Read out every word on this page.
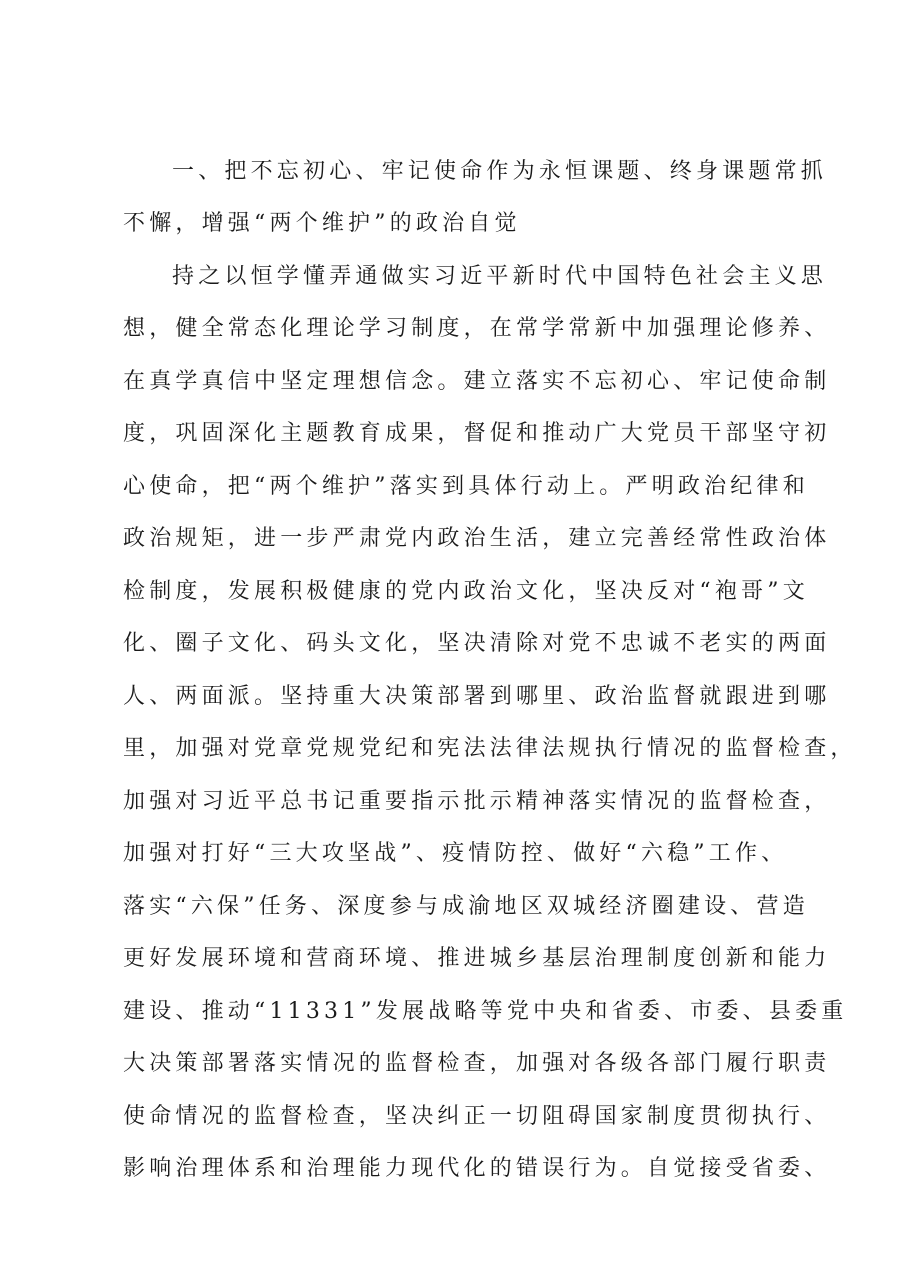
一、把不忘初心、牢记使命作为永恒课题、终身课题常抓
不懈，增强“两个维护”的政治自觉
持之以恒学懂弄通做实习近平新时代中国特色社会主义思
想，健全常态化理论学习制度，在常学常新中加强理论修养、
在真学真信中坚定理想信念。建立落实不忘初心、牢记使命制
度，巩固深化主题教育成果，督促和推动广大党员干部坚守初
心使命，把“两个维护”落实到具体行动上。严明政治纪律和
政治规矩，进一步严肃党内政治生活，建立完善经常性政治体
检制度，发展积极健康的党内政治文化，坚决反对“袍哥”文
化、圈子文化、码头文化，坚决清除对党不忠诚不老实的两面
人、两面派。坚持重大决策部署到哪里、政治监督就跟进到哪
里，加强对党章党规党纪和宪法法律法规执行情况的监督检查，
加强对习近平总书记重要指示批示精神落实情况的监督检查，
加强对打好“三大攻坚战”、疫情防控、做好“六稳”工作、
落实“六保”任务、深度参与成渝地区双城经济圈建设、营造
更好发展环境和营商环境、推进城乡基层治理制度创新和能力
建设、推动“11331”发展战略等党中央和省委、市委、县委重
大决策部署落实情况的监督检查，加强对各级各部门履行职责
使命情况的监督检查，坚决纠正一切阻碍国家制度贯彻执行、
影响治理体系和治理能力现代化的错误行为。自觉接受省委、
